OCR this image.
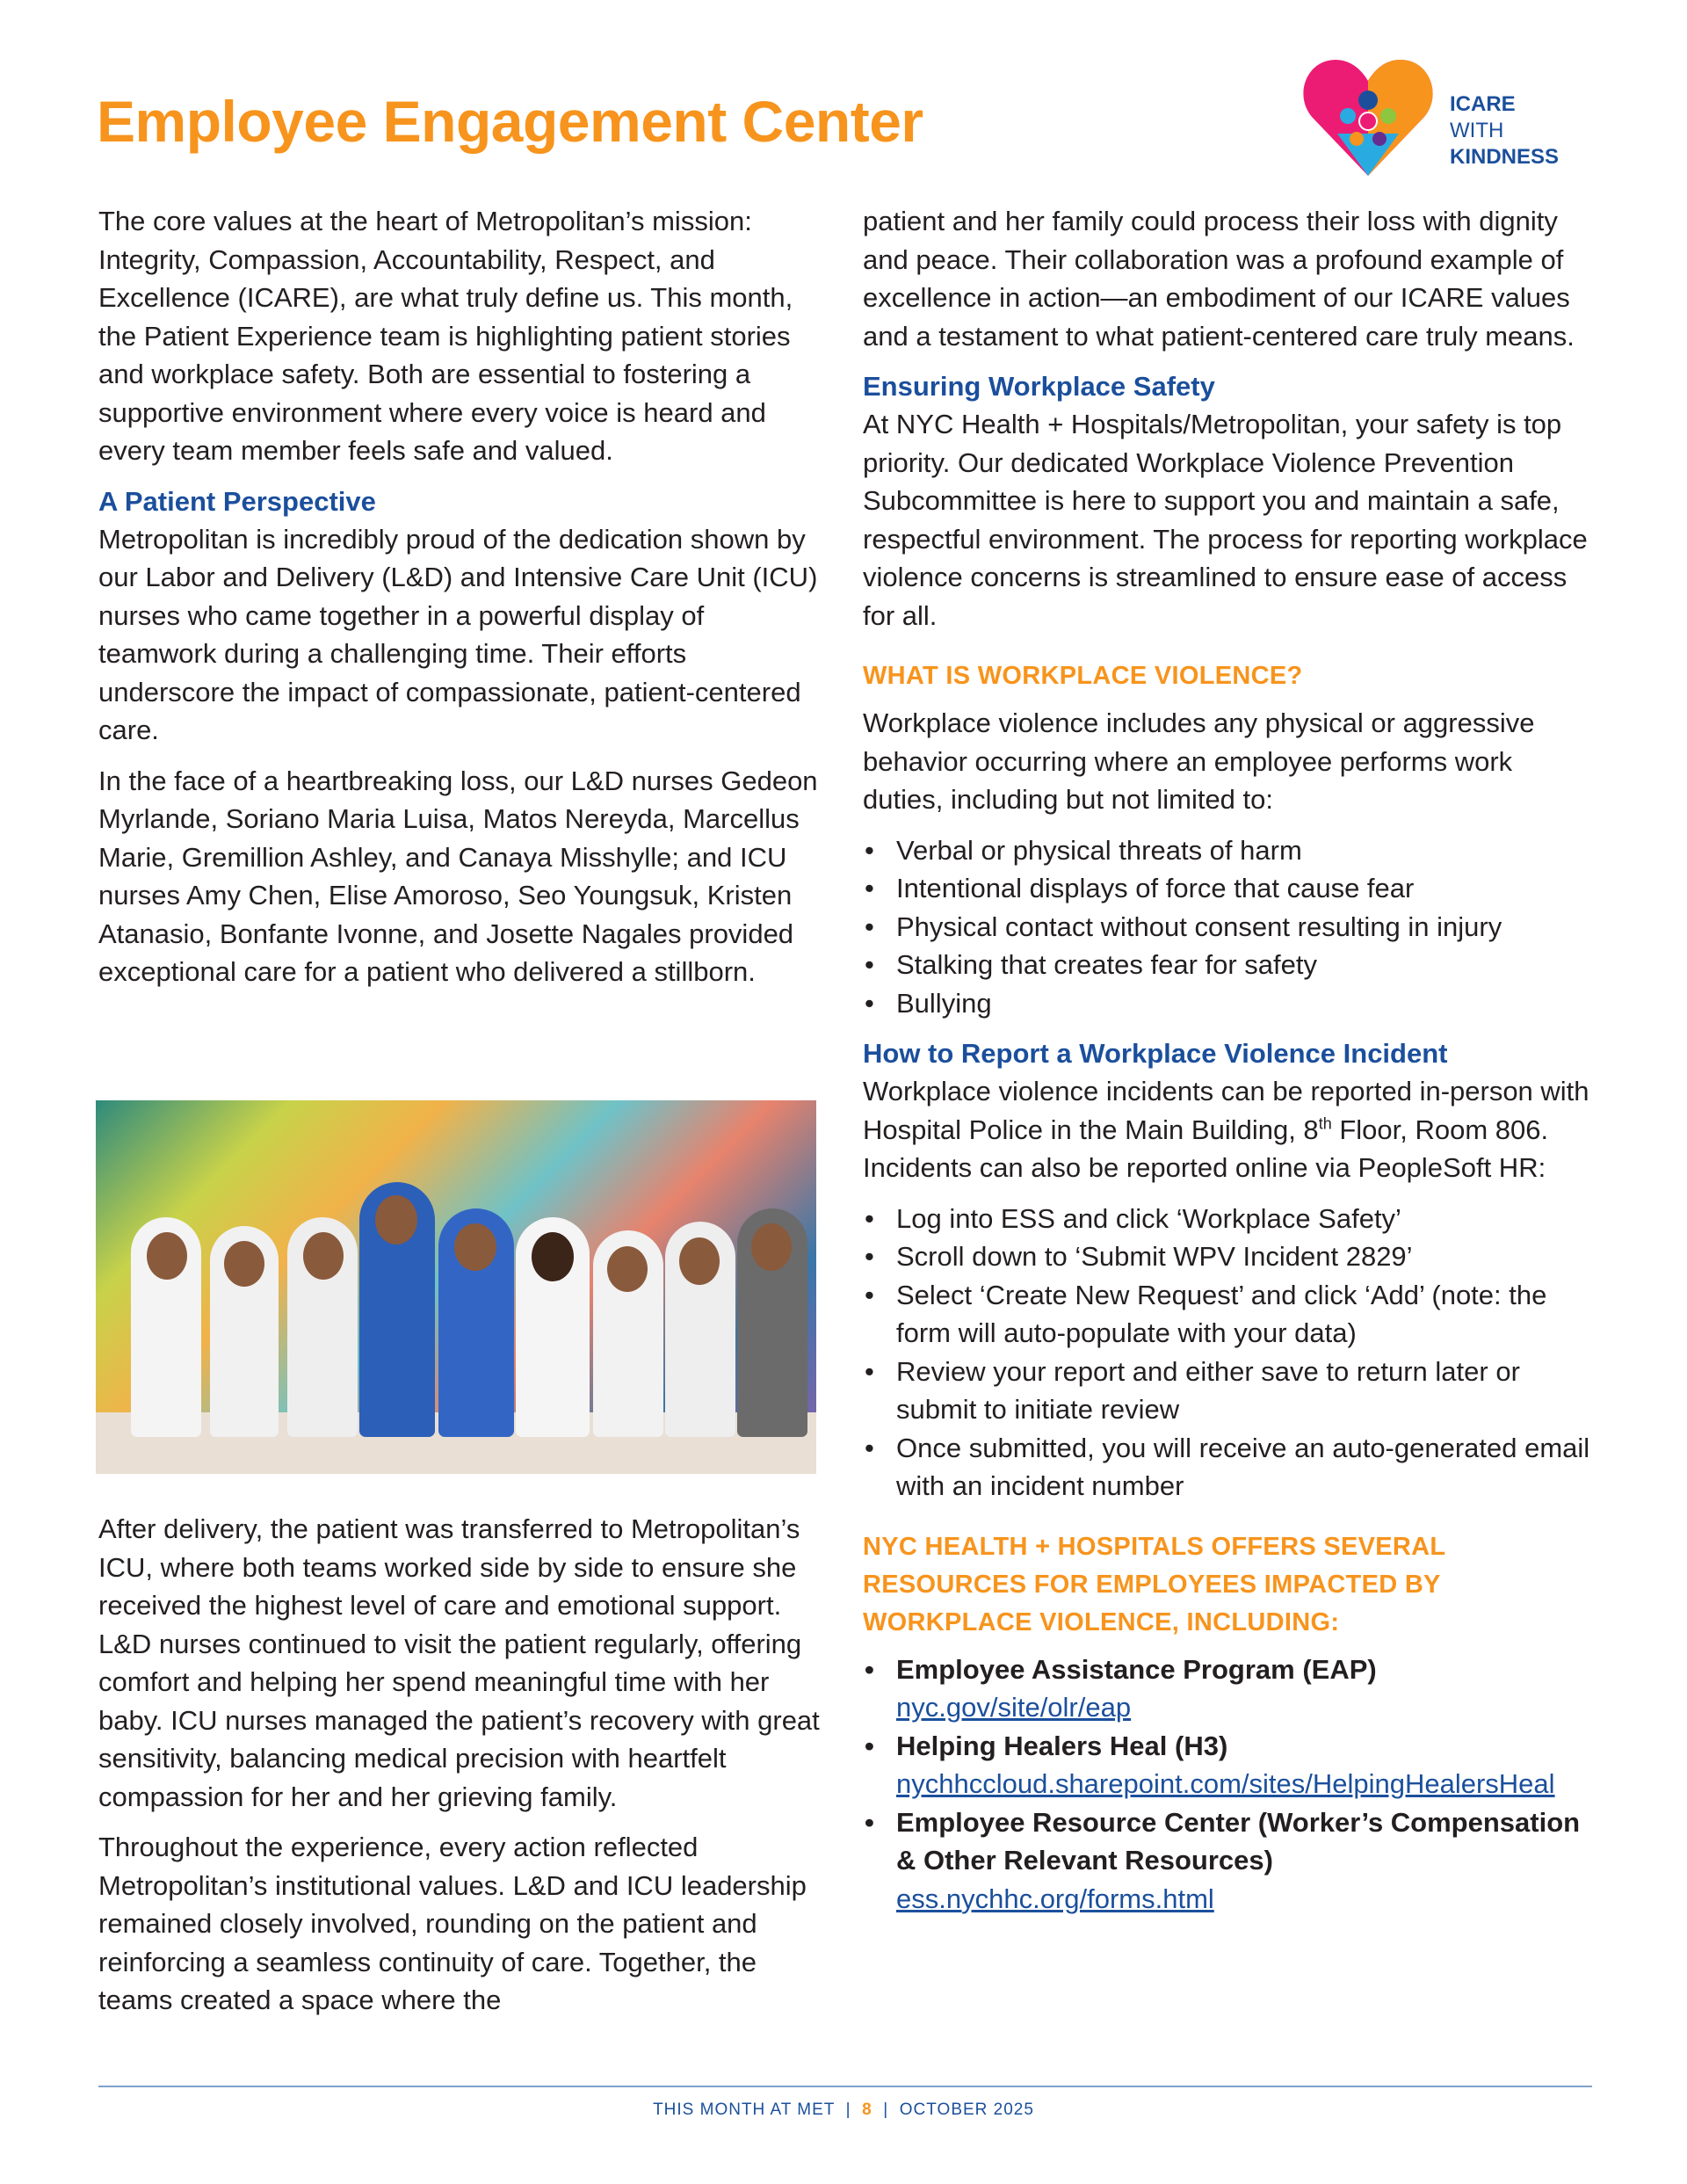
Employee Engagement Center	ICARE
WITH
KINDNESS

The core values at the heart of Metropolitan’s mission: Integrity, Compassion, Accountability, Respect, and Excellence (ICARE), are what truly define us. This month, the Patient Experience team is highlighting patient stories and workplace safety. Both are essential to fostering a supportive environment where every voice is heard and every team member feels safe and valued.

A Patient Perspective

Metropolitan is incredibly proud of the dedication shown by our Labor and Delivery (L&D) and Intensive Care Unit (ICU) nurses who came together in a powerful display of teamwork during a challenging time. Their efforts underscore the impact of compassionate, patient-centered care.

In the face of a heartbreaking loss, our L&D nurses Gedeon Myrlande, Soriano Maria Luisa, Matos Nereyda, Marcellus Marie, Gremillion Ashley, and Canaya Misshylle; and ICU nurses Amy Chen, Elise Amoroso, Seo Youngsuk, Kristen Atanasio, Bonfante Ivonne, and Josette Nagales provided exceptional care for a patient who delivered a stillborn.

After delivery, the patient was transferred to Metropolitan’s ICU, where both teams worked side by side to ensure she received the highest level of care and emotional support. L&D nurses continued to visit the patient regularly, offering comfort and helping her spend meaningful time with her baby. ICU nurses managed the patient’s recovery with great sensitivity, balancing medical precision with heartfelt compassion for her and her grieving family.

Throughout the experience, every action reflected Metropolitan’s institutional values. L&D and ICU leadership remained closely involved, rounding on the patient and reinforcing a seamless continuity of care. Together, the teams created a space where the

patient and her family could process their loss with dignity and peace. Their collaboration was a profound example of excellence in action—an embodiment of our ICARE values and a testament to what patient-centered care truly means.

Ensuring Workplace Safety

At NYC Health + Hospitals/Metropolitan, your safety is top priority. Our dedicated Workplace Violence Prevention Subcommittee is here to support you and maintain a safe, respectful environment. The process for reporting workplace violence concerns is streamlined to ensure ease of access for all.

WHAT IS WORKPLACE VIOLENCE?

Workplace violence includes any physical or aggressive behavior occurring where an employee performs work duties, including but not limited to:

• Verbal or physical threats of harm
• Intentional displays of force that cause fear
• Physical contact without consent resulting in injury
• Stalking that creates fear for safety
• Bullying
How to Report a Workplace Violence Incident

Workplace violence incidents can be reported in-person with Hospital Police in the Main Building, 8th Floor, Room 806. Incidents can also be reported online via PeopleSoft HR:

• Log into ESS and click ‘Workplace Safety’
• Scroll down to ‘Submit WPV Incident 2829’
• Select ‘Create New Request’ and click ‘Add’ (note: the form will auto-populate with your data)
• Review your report and either save to return later or submit to initiate review
• Once submitted, you will receive an auto-generated email with an incident number
NYC HEALTH + HOSPITALS OFFERS SEVERAL RESOURCES FOR EMPLOYEES IMPACTED BY WORKPLACE VIOLENCE, INCLUDING:
• Employee Assistance Program (EAP)
nyc.gov/site/olr/eap
• Helping Healers Heal (H3)
nychhccloud.sharepoint.com/sites/HelpingHealersHeal
• Employee Resource Center (Worker’s Compensation & Other Relevant Resources)
ess.nychhc.org/forms.html
THIS MONTH AT MET  |  8  |  OCTOBER 2025
